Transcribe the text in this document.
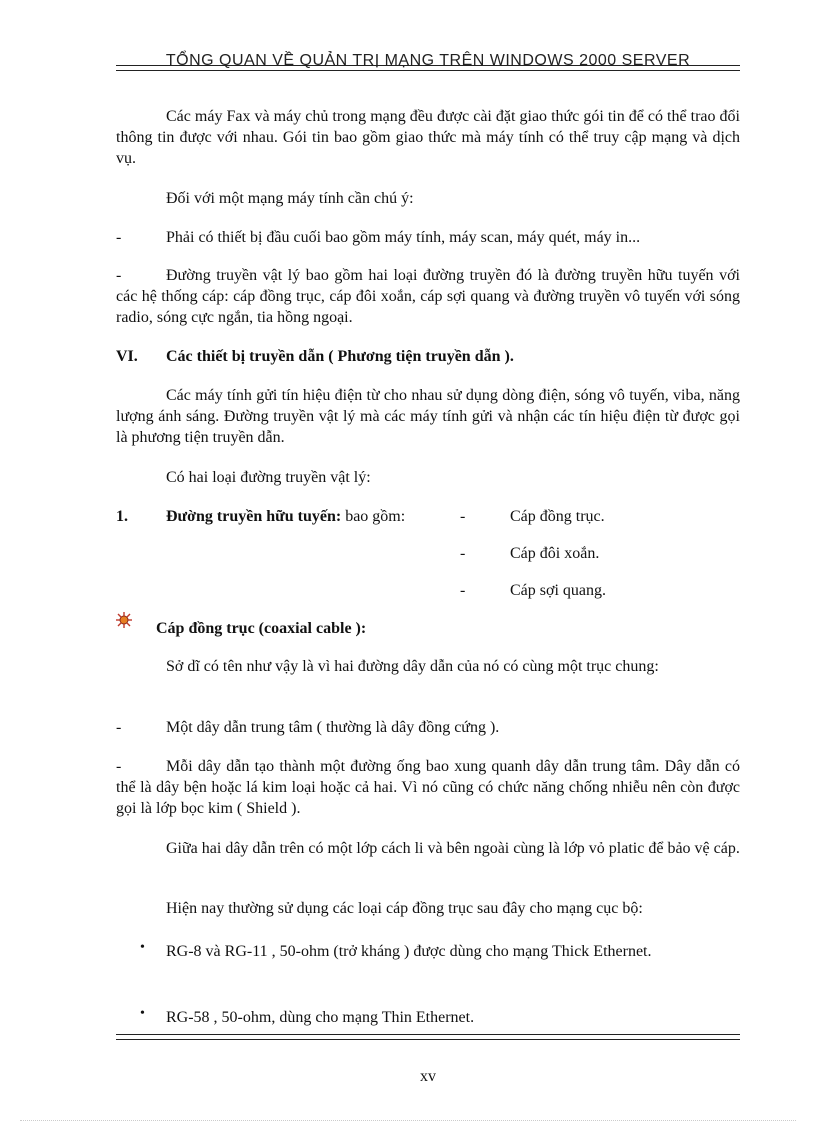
TỔNG QUAN VỀ QUẢN TRỊ MẠNG TRÊN WINDOWS 2000 SERVER
Các máy Fax và máy chủ trong mạng đều được cài đặt giao thức gói tin để có thể trao đổi thông tin được với nhau. Gói tin bao gồm giao thức mà máy tính có thể truy cập mạng và dịch vụ.
Đối với một mạng máy tính cần chú ý:
-	Phải có thiết bị đầu cuối bao gồm máy tính, máy scan, máy quét, máy in...
-	Đường truyền vật lý bao gồm hai loại đường truyền đó là đường truyền hữu tuyến với các hệ thống cáp: cáp đồng trục, cáp đôi xoắn, cáp sợi quang và đường truyền vô tuyến với sóng radio, sóng cực ngắn, tia hồng ngoại.
VI. Các thiết bị truyền dẫn ( Phương tiện truyền dẫn ).
Các máy tính gửi tín hiệu điện từ cho nhau sử dụng dòng điện, sóng vô tuyến, viba, năng lượng ánh sáng. Đường truyền vật lý mà các máy tính gửi và nhận các tín hiệu điện từ được gọi là phương tiện truyền dẫn.
Có hai loại đường truyền vật lý:
1. Đường truyền hữu tuyến: bao gồm:	-	Cáp đồng trục.
-	Cáp đôi xoắn.
-	Cáp sợi quang.
Cáp đồng trục (coaxial cable ):
Sở dĩ có tên như vậy là vì hai đường dây dẫn của nó có cùng một trục chung:
-	Một dây dẫn trung tâm ( thường là dây đồng cứng ).
-	Mỗi dây dẫn tạo thành một đường ống bao xung quanh dây dẫn trung tâm. Dây dẫn có thể là dây bện hoặc lá kim loại hoặc cả hai. Vì nó cũng có chức năng chống nhiễu nên còn được gọi là lớp bọc kim ( Shield ).
Giữa hai dây dẫn trên có một lớp cách li và bên ngoài cùng là lớp vỏ platic để bảo vệ cáp.
Hiện nay thường sử dụng các loại cáp đồng trục sau đây cho mạng cục bộ:
• RG-8 và RG-11 , 50-ohm (trở kháng ) được dùng cho mạng Thick Ethernet.
• RG-58 , 50-ohm, dùng cho mạng Thin Ethernet.
xv
